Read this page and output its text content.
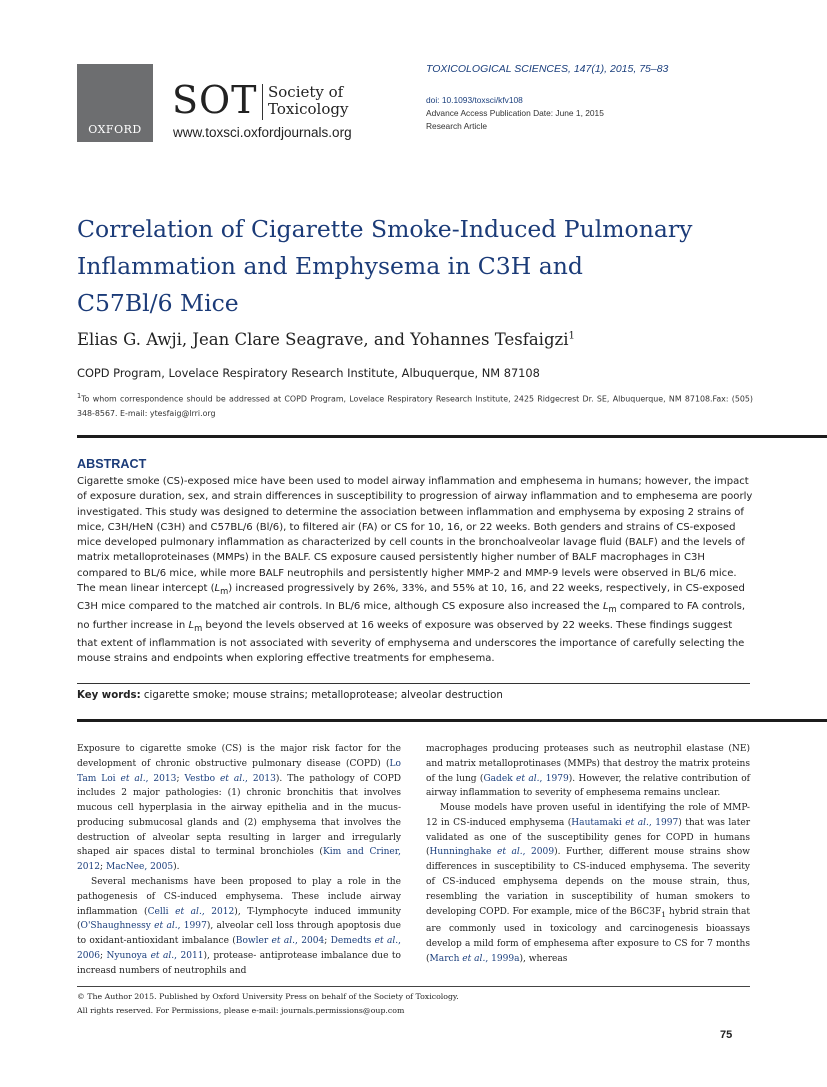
OXFORD
SOT Society of
Toxicology
www.toxsci.oxfordjournals.org
TOXICOLOGICAL SCIENCES, 147(1), 2015, 75–83
doi: 10.1093/toxsci/kfv108
Advance Access Publication Date: June 1, 2015
Research Article
Correlation of Cigarette Smoke-Induced Pulmonary
Inflammation and Emphysema in C3H and
C57Bl/6 Mice
Elias G. Awji, Jean Clare Seagrave, and Yohannes Tesfaigzi$^1$
COPD Program, Lovelace Respiratory Research Institute, Albuquerque, NM 87108
$^1$To whom correspondence should be addressed at COPD Program, Lovelace Respiratory Research Institute, 2425 Ridgecrest Dr. SE, Albuquerque, NM 87108.Fax: (505) 348-8567. E-mail: ytesfaig@lrri.org
ABSTRACT
Cigarette smoke (CS)-exposed mice have been used to model airway inflammation and emphesema in humans; however, the impact of exposure duration, sex, and strain differences in susceptibility to progression of airway inflammation and to emphesema are poorly investigated. This study was designed to determine the association between inflammation and emphysema by exposing 2 strains of mice, C3H/HeN (C3H) and C57BL/6 (Bl/6), to filtered air (FA) or CS for 10, 16, or 22 weeks. Both genders and strains of CS-exposed mice developed pulmonary inflammation as characterized by cell counts in the bronchoalveolar lavage fluid (BALF) and the levels of matrix metalloproteinases (MMPs) in the BALF. CS exposure caused persistently higher number of BALF macrophages in C3H compared to BL/6 mice, while more BALF neutrophils and persistently higher MMP-2 and MMP-9 levels were observed in BL/6 mice. The mean linear intercept $(L_m)$ increased progressively by 26%, 33%, and 55% at 10, 16, and 22 weeks, respectively, in CS-exposed C3H mice compared to the matched air controls. In BL/6 mice, although CS exposure also increased the $L_m$ compared to FA controls, no further increase in $L_m$ beyond the levels observed at 16 weeks of exposure was observed by 22 weeks. These findings suggest that extent of inflammation is not associated with severity of emphysema and underscores the importance of carefully selecting the mouse strains and endpoints when exploring effective treatments for emphesema.
Key words: cigarette smoke; mouse strains; metalloprotease; alveolar destruction

Exposure to cigarette smoke (CS) is the major risk factor for the development of chronic obstructive pulmonary disease (COPD) (Lo Tam Loi et al., 2013; Vestbo et al., 2013). The pathology of COPD includes 2 major pathologies: (1) chronic bronchitis that involves mucous cell hyperplasia in the airway epithelia and in the mucus-producing submucosal glands and (2) emphysema that involves the destruction of alveolar septa resulting in larger and irregularly shaped air spaces distal to terminal bronchioles (Kim and Criner, 2012; MacNee, 2005).

Several mechanisms have been proposed to play a role in the pathogenesis of CS-induced emphysema. These include airway inflammation (Celli et al., 2012), T-lymphocyte induced immunity (O'Shaughnessy et al., 1997), alveolar cell loss through apoptosis due to oxidant-antioxidant imbalance (Bowler et al., 2004; Demedts et al., 2006; Nyunoya et al., 2011), protease- antiprotease imbalance due to increasd numbers of neutrophils and

macrophages producing proteases such as neutrophil elastase (NE) and matrix metalloprotinases (MMPs) that destroy the matrix proteins of the lung (Gadek et al., 1979). However, the relative contribution of airway inflammation to severity of emphesema remains unclear.

Mouse models have proven useful in identifying the role of MMP-12 in CS-induced emphysema (Hautamaki et al., 1997) that was later validated as one of the susceptibility genes for COPD in humans (Hunninghake et al., 2009). Further, different mouse strains show differences in susceptibility to CS-induced emphysema. The severity of CS-induced emphysema depends on the mouse strain, thus, resembling the variation in susceptibility of human smokers to developing COPD. For example, mice of the $B6C3F_1$ hybrid strain that are commonly used in toxicology and carcinogenesis bioassays develop a mild form of emphesema after exposure to CS for 7 months (March et al., 1999a), whereas

© The Author 2015. Published by Oxford University Press on behalf of the Society of Toxicology.
All rights reserved. For Permissions, please e-mail: journals.permissions@oup.com
75
